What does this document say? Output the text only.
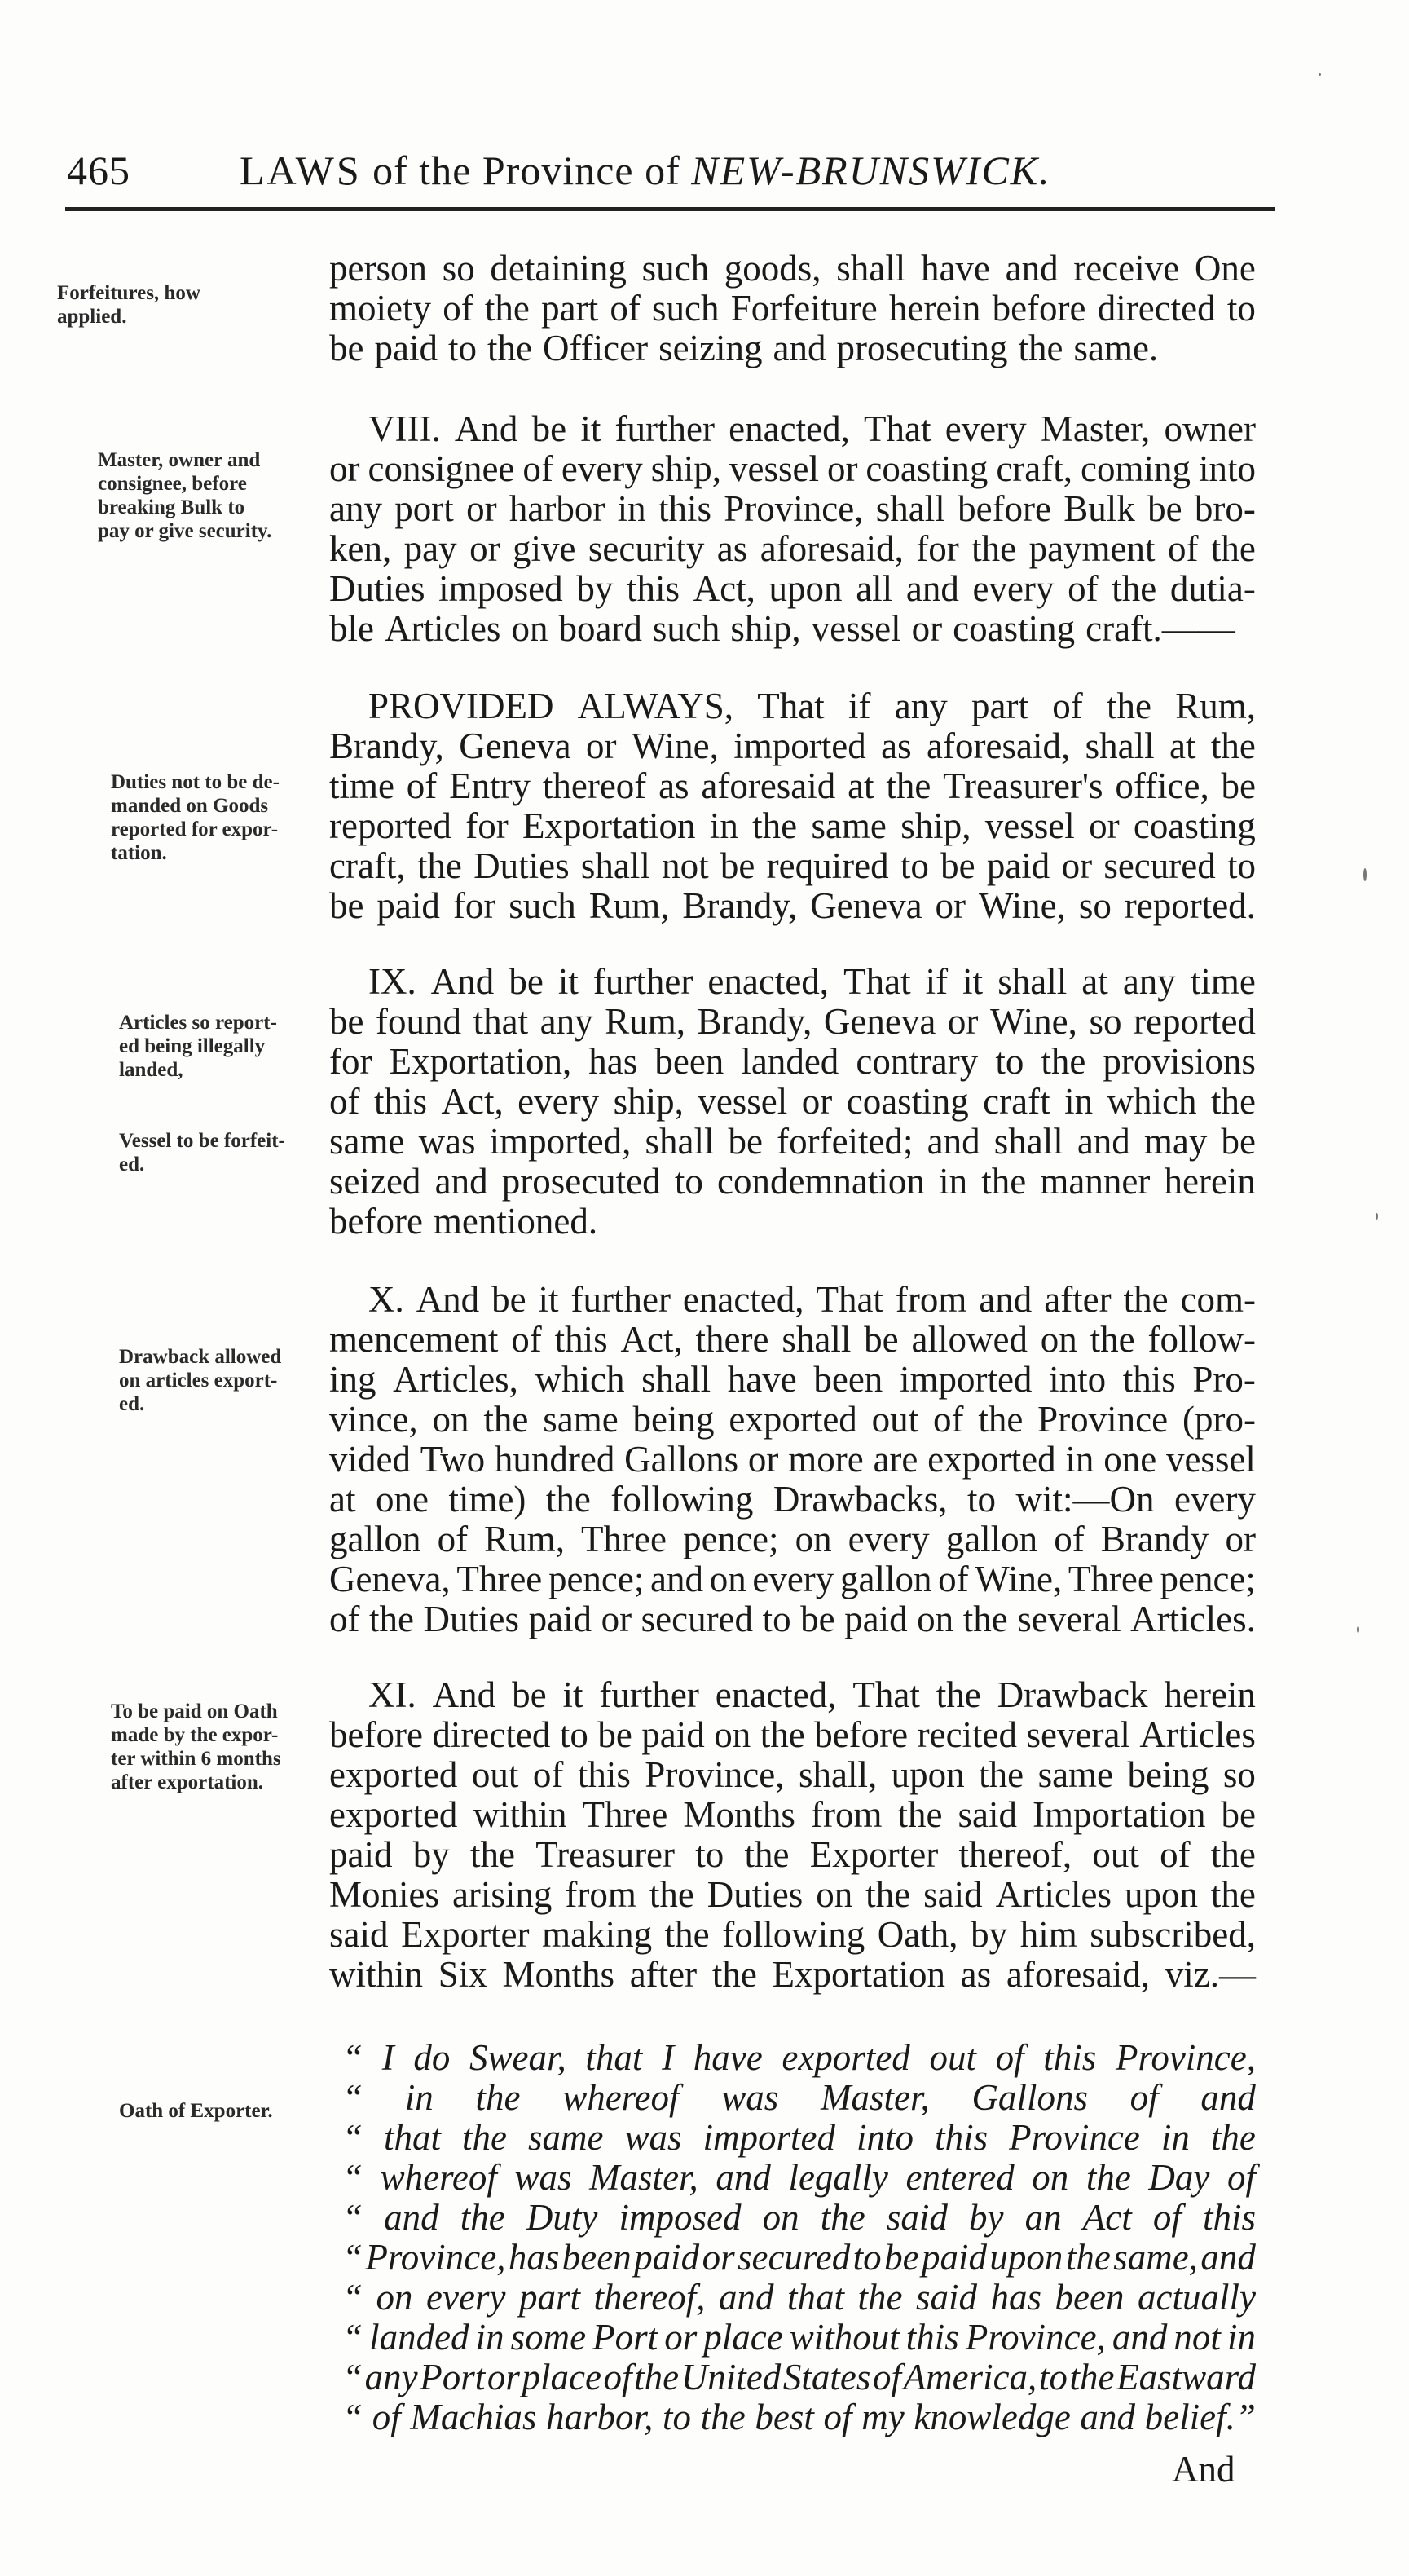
465	LAWS of the Province of NEW-BRUNSWICK.
Forfeitures, how
applied.
Master, owner and
consignee, before
breaking Bulk to
pay or give security.
Duties not to be de-
manded on Goods
reported for expor-
tation.
Articles so report-
ed being illegally
landed,
Vessel to be forfeit-
ed.
Drawback allowed
on articles export-
ed.
To be paid on Oath
made by the expor-
ter within 6 months
after exportation.
Oath of Exporter.
person so detaining such goods, shall have and receive One
moiety of the part of such Forfeiture herein before directed to
be paid to the Officer seizing and prosecuting the same.
VIII. And be it further enacted, That every Master, owner
or consignee of every ship, vessel or coasting craft, coming into
any port or harbor in this Province, shall before Bulk be bro-
ken, pay or give security as aforesaid, for the payment of the
Duties imposed by this Act, upon all and every of the dutia-
ble Articles on board such ship, vessel or coasting craft.——
PROVIDED ALWAYS, That if any part of the Rum,
Brandy, Geneva or Wine, imported as aforesaid, shall at the
time of Entry thereof as aforesaid at the Treasurer's office, be
reported for Exportation in the same ship, vessel or coasting
craft, the Duties shall not be required to be paid or secured to
be paid for such Rum, Brandy, Geneva or Wine, so reported.
IX. And be it further enacted, That if it shall at any time
be found that any Rum, Brandy, Geneva or Wine, so reported
for Exportation, has been landed contrary to the provisions
of this Act, every ship, vessel or coasting craft in which the
same was imported, shall be forfeited; and shall and may be
seized and prosecuted to condemnation in the manner herein
before mentioned.
X. And be it further enacted, That from and after the com-
mencement of this Act, there shall be allowed on the follow-
ing Articles, which shall have been imported into this Pro-
vince, on the same being exported out of the Province (pro-
vided Two hundred Gallons or more are exported in one vessel
at one time) the following Drawbacks, to wit:—On every
gallon of Rum, Three pence; on every gallon of Brandy or
Geneva, Three pence; and on every gallon of Wine, Three pence;
of the Duties paid or secured to be paid on the several Articles.
XI. And be it further enacted, That the Drawback herein
before directed to be paid on the before recited several Articles
exported out of this Province, shall, upon the same being so
exported within Three Months from the said Importation be
paid by the Treasurer to the Exporter thereof, out of the
Monies arising from the Duties on the said Articles upon the
said Exporter making the following Oath, by him subscribed,
within Six Months after the Exportation as aforesaid, viz.—
“ I do Swear, that I have exported out of this Province,
“ in the whereof was Master, Gallons of and
“ that the same was imported into this Province in the
“ whereof was Master, and legally entered on the Day of
“ and the Duty imposed on the said by an Act of this
“ Province, has been paid or secured to be paid upon the same, and
“ on every part thereof, and that the said has been actually
“ landed in some Port or place without this Province, and not in
“ any Port or place of the United States of America, to the Eastward
“ of Machias harbor, to the best of my knowledge and belief.”
And
